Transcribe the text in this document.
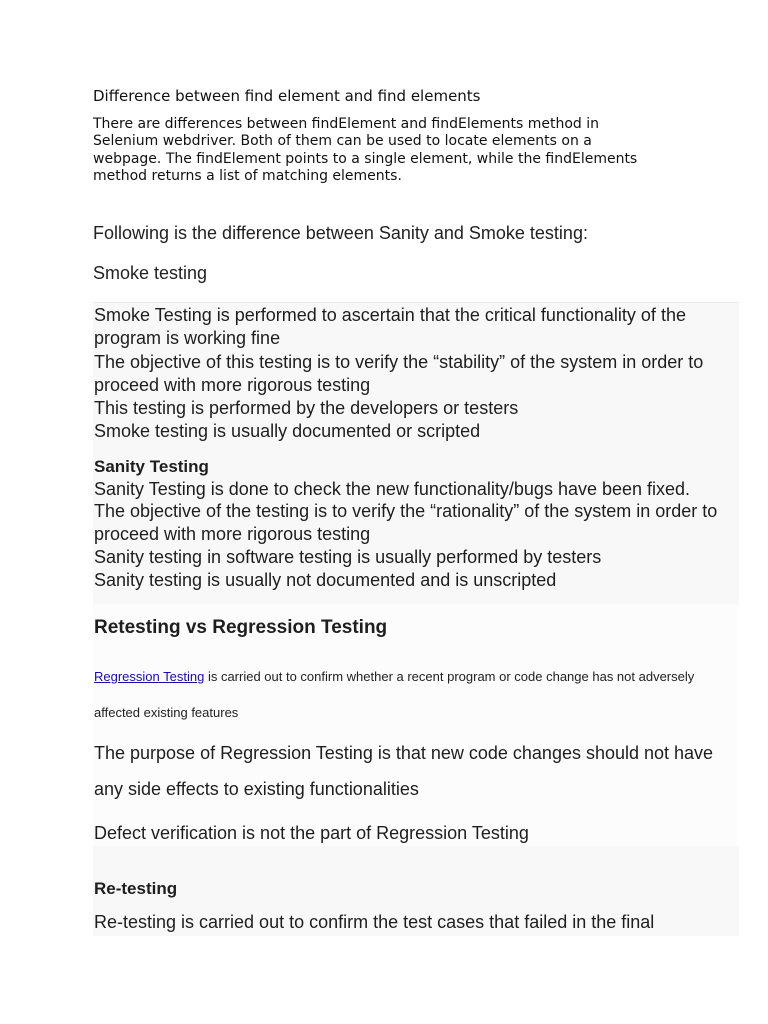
Difference between find element and find elements
There are differences between findElement and findElements method in
Selenium webdriver. Both of them can be used to locate elements on a
webpage. The findElement points to a single element, while the findElements
method returns a list of matching elements.
Following is the difference between Sanity and Smoke testing:
Smoke testing
Smoke Testing is performed to ascertain that the critical functionality of the
program is working fine
The objective of this testing is to verify the “stability” of the system in order to
proceed with more rigorous testing
This testing is performed by the developers or testers
Smoke testing is usually documented or scripted
Sanity Testing
Sanity Testing is done to check the new functionality/bugs have been fixed.
The objective of the testing is to verify the “rationality” of the system in order to
proceed with more rigorous testing
Sanity testing in software testing is usually performed by testers
Sanity testing is usually not documented and is unscripted
Retesting vs Regression Testing
Regression Testing is carried out to confirm whether a recent program or code change has not adversely
affected existing features
The purpose of Regression Testing is that new code changes should not have
any side effects to existing functionalities
Defect verification is not the part of Regression Testing
Re-testing
Re-testing is carried out to confirm the test cases that failed in the final
